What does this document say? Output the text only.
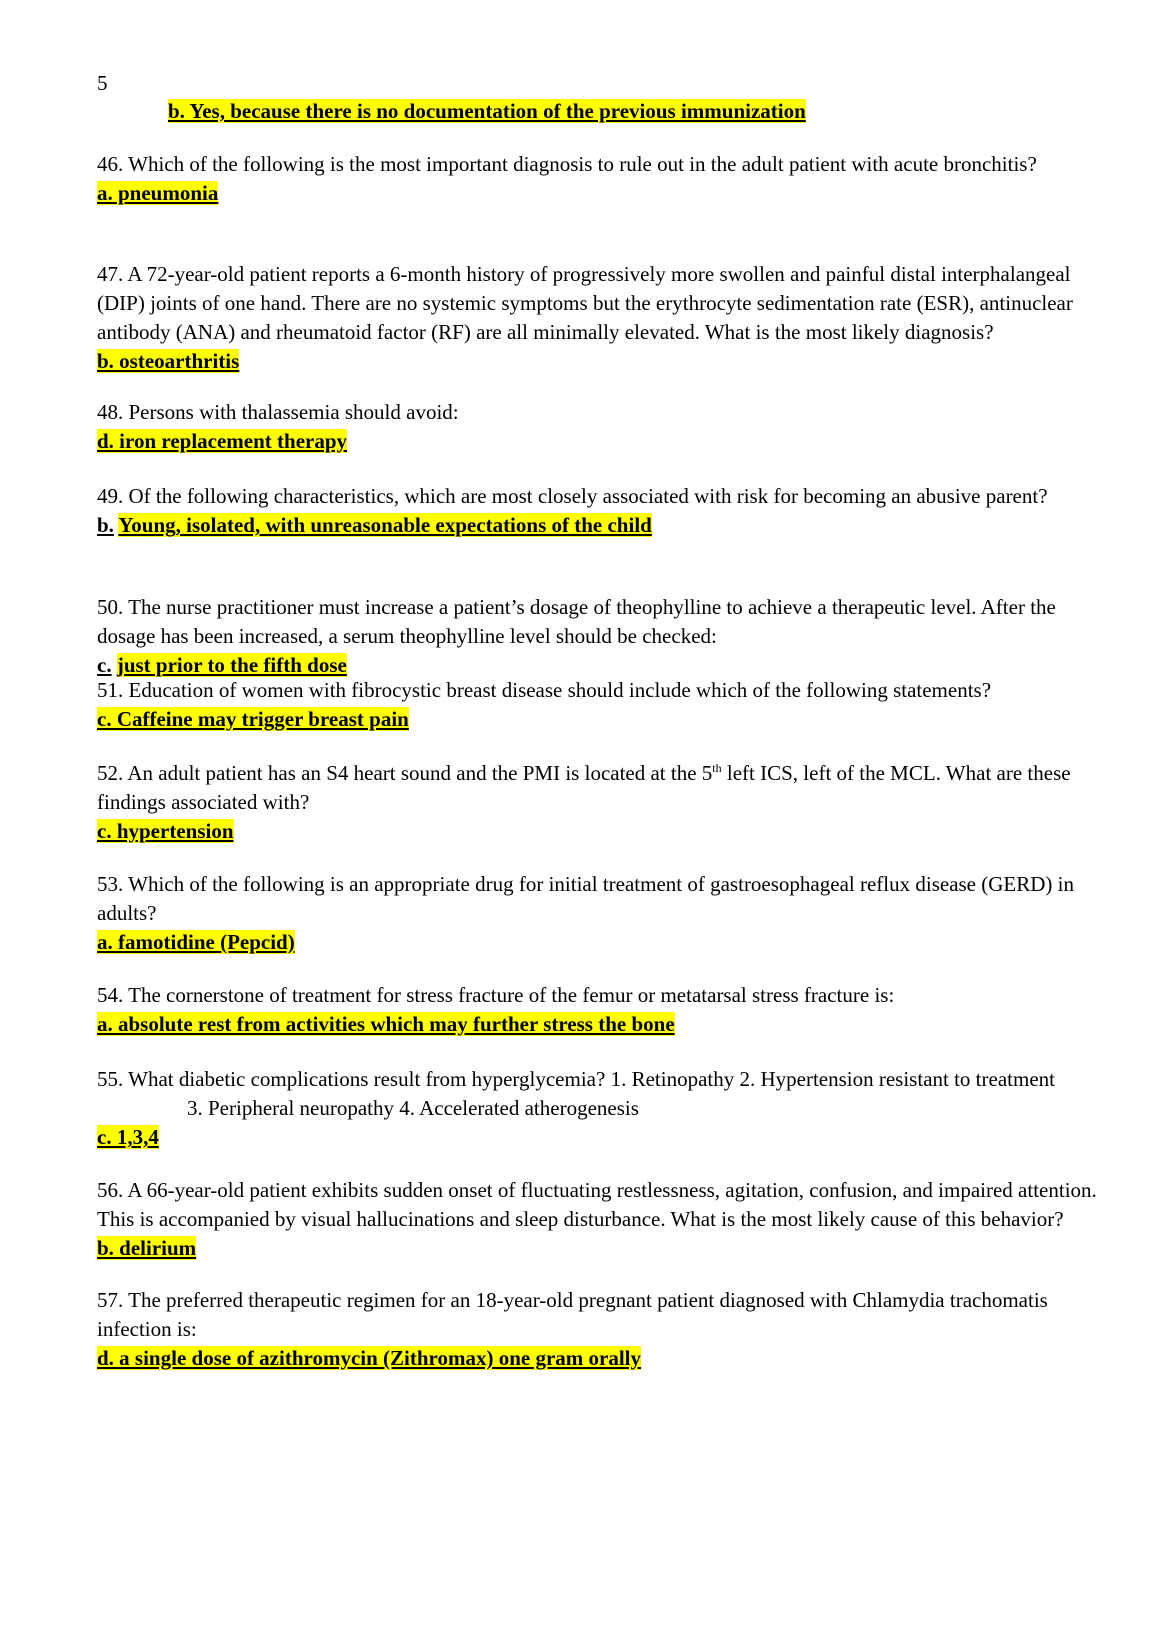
5
b. Yes, because there is no documentation of the previous immunization

46. Which of the following is the most important diagnosis to rule out in the adult patient with acute bronchitis?

a. pneumonia

47. A 72-year-old patient reports a 6-month history of progressively more swollen and painful distal interphalangeal (DIP) joints of one hand. There are no systemic symptoms but the erythrocyte sedimentation rate (ESR), antinuclear antibody (ANA) and rheumatoid factor (RF) are all minimally elevated. What is the most likely diagnosis?

b. osteoarthritis

48. Persons with thalassemia should avoid:

d. iron replacement therapy

49. Of the following characteristics, which are most closely associated with risk for becoming an abusive parent?

b. Young, isolated, with unreasonable expectations of the child

50. The nurse practitioner must increase a patient’s dosage of theophylline to achieve a therapeutic level. After the dosage has been increased, a serum theophylline level should be checked:

c. just prior to the fifth dose

51. Education of women with fibrocystic breast disease should include which of the following statements?

c. Caffeine may trigger breast pain

52. An adult patient has an S4 heart sound and the PMI is located at the 5th left ICS, left of the MCL. What are these findings associated with?

c. hypertension

53. Which of the following is an appropriate drug for initial treatment of gastroesophageal reflux disease (GERD) in adults?

a. famotidine (Pepcid)

54. The cornerstone of treatment for stress fracture of the femur or metatarsal stress fracture is:

a. absolute rest from activities which may further stress the bone

55. What diabetic complications result from hyperglycemia? 1. Retinopathy 2. Hypertension resistant to treatment3. Peripheral neuropathy 4. Accelerated atherogenesis

c. 1,3,4

56. A 66-year-old patient exhibits sudden onset of fluctuating restlessness, agitation, confusion, and impaired attention. This is accompanied by visual hallucinations and sleep disturbance. What is the most likely cause of this behavior?

b. delirium

57. The preferred therapeutic regimen for an 18-year-old pregnant patient diagnosed with Chlamydia trachomatis infection is:

d. a single dose of azithromycin (Zithromax) one gram orally
